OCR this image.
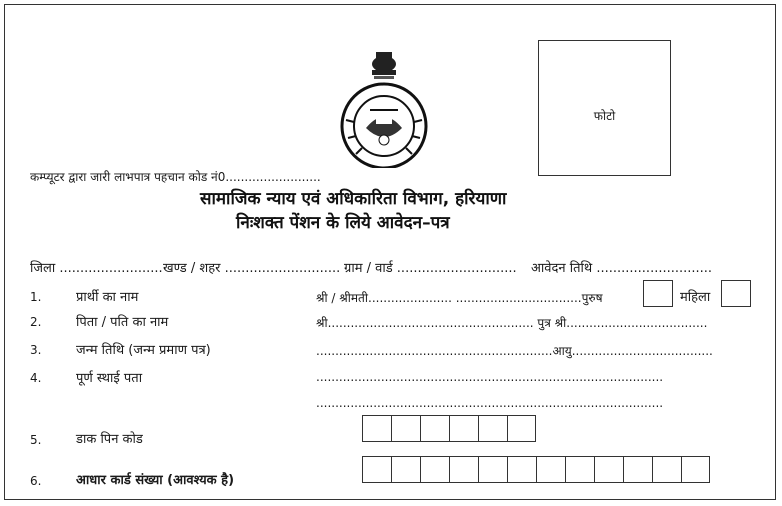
फोटो
कम्प्यूटर द्वारा जारी लाभपात्र पहचान कोड नं0.........................
सामाजिक न्याय एवं अधिकारिता विभाग, हरियाणा
निःशक्त पेंशन के लिये आवेदन–पत्र
जिला ......................... खण्ड / शहर ............................ ग्राम / वार्ड ............................. आवेदन तिथि ............................
1.	प्रार्थी का नाम	श्री / श्रीमती...................... .................................पुरुष	महिला
2.	पिता / पति का नाम	श्री...................................................... पुत्र श्री.....................................
3.	जन्म तिथि (जन्म प्रमाण पत्र)	..............................................................आयु.....................................
4.	पूर्ण स्थाई पता	...........................................................................................
...........................................................................................
5.	डाक पिन कोड
6.	आधार कार्ड संख्या (आवश्यक है)
